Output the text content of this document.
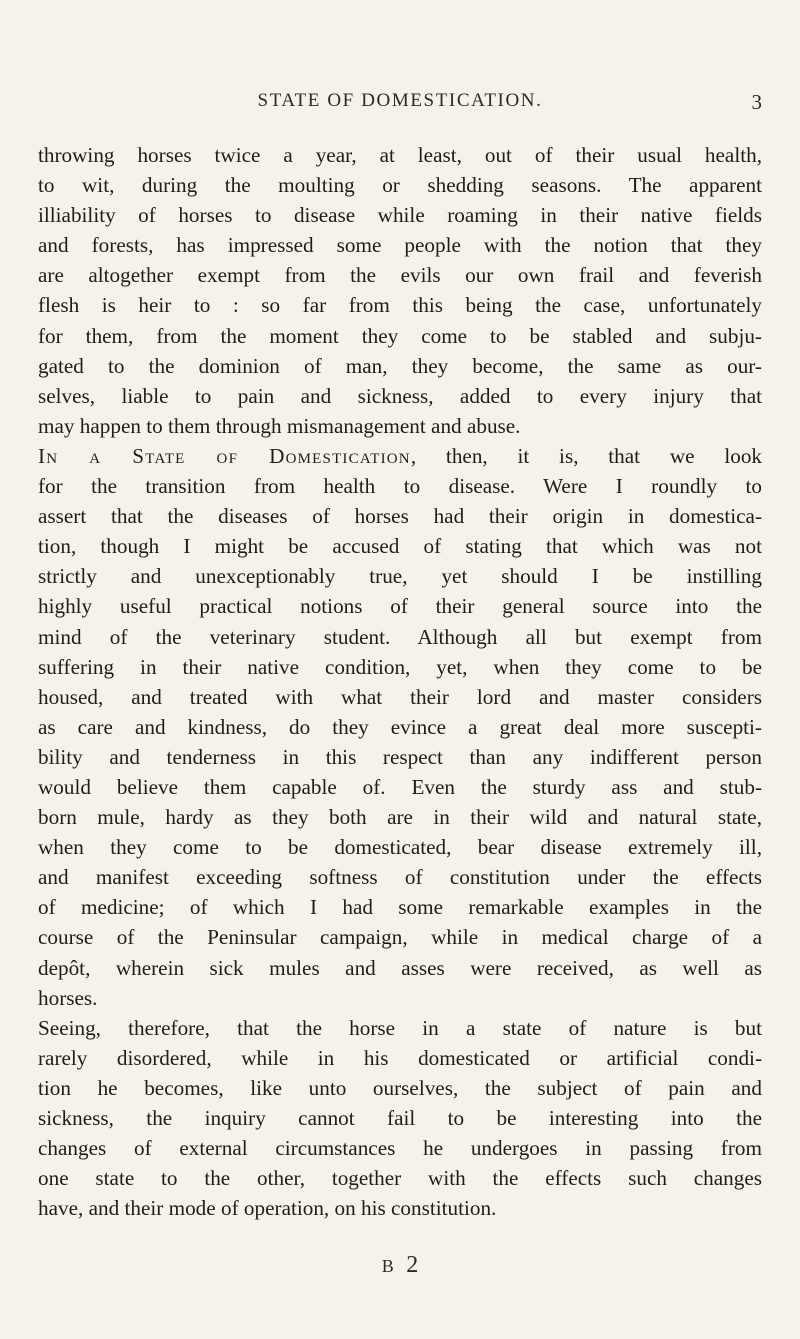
STATE OF DOMESTICATION.	3
throwing horses twice a year, at least, out of their usual health,
to wit, during the moulting or shedding seasons. The apparent
illiability of horses to disease while roaming in their native fields
and forests, has impressed some people with the notion that they
are altogether exempt from the evils our own frail and feverish
flesh is heir to : so far from this being the case, unfortunately
for them, from the moment they come to be stabled and subju-
gated to the dominion of man, they become, the same as our-
selves, liable to pain and sickness, added to every injury that
may happen to them through mismanagement and abuse.
In a State of Domestication, then, it is, that we look
for the transition from health to disease. Were I roundly to
assert that the diseases of horses had their origin in domestica-
tion, though I might be accused of stating that which was not
strictly and unexceptionably true, yet should I be instilling
highly useful practical notions of their general source into the
mind of the veterinary student. Although all but exempt from
suffering in their native condition, yet, when they come to be
housed, and treated with what their lord and master considers
as care and kindness, do they evince a great deal more suscepti-
bility and tenderness in this respect than any indifferent person
would believe them capable of. Even the sturdy ass and stub-
born mule, hardy as they both are in their wild and natural state,
when they come to be domesticated, bear disease extremely ill,
and manifest exceeding softness of constitution under the effects
of medicine; of which I had some remarkable examples in the
course of the Peninsular campaign, while in medical charge of a
depôt, wherein sick mules and asses were received, as well as
horses.
Seeing, therefore, that the horse in a state of nature is but
rarely disordered, while in his domesticated or artificial condi-
tion he becomes, like unto ourselves, the subject of pain and
sickness, the inquiry cannot fail to be interesting into the
changes of external circumstances he undergoes in passing from
one state to the other, together with the effects such changes
have, and their mode of operation, on his constitution.
B 2
